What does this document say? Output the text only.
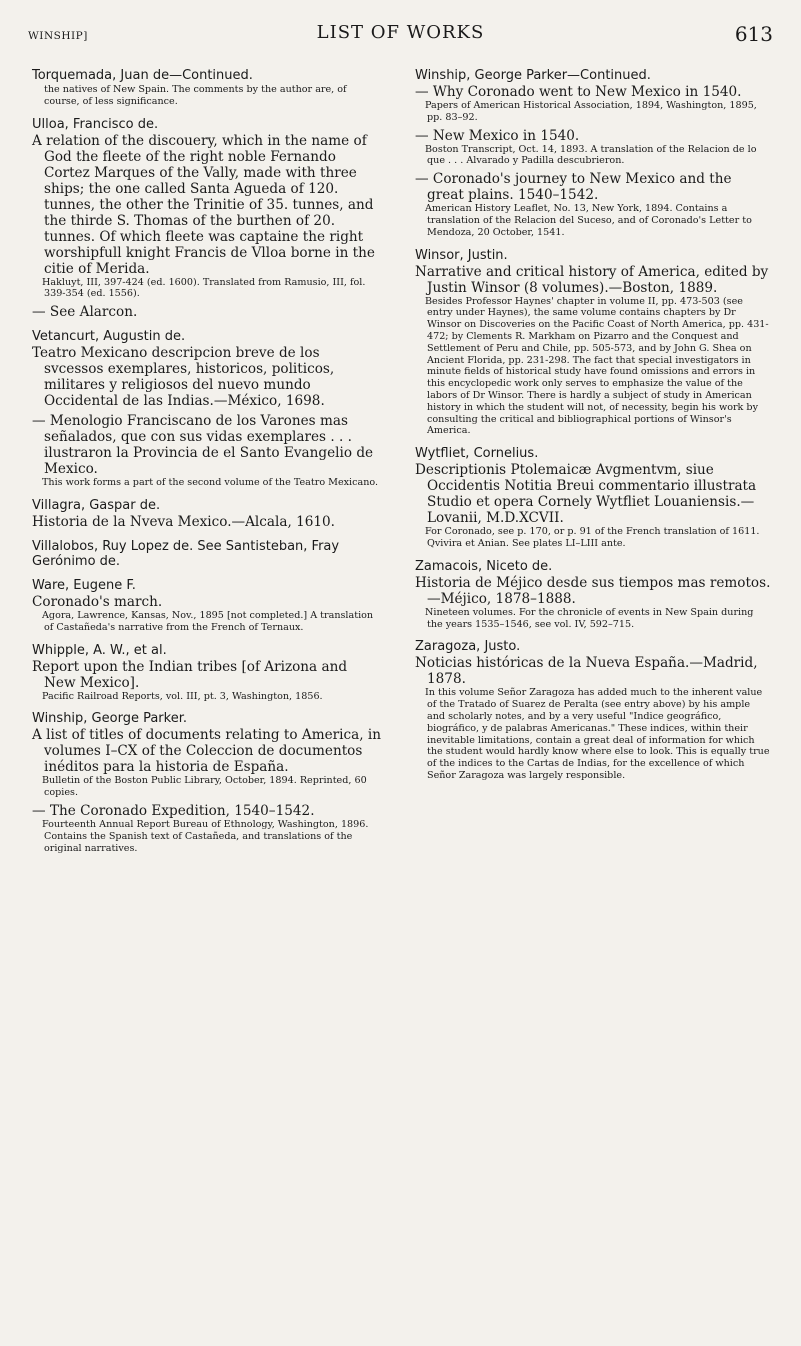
WINSHIP]	LIST OF WORKS	613
Torquemada, Juan de—Continued.
the natives of New Spain. The comments by the author are, of course, of less significance.
Ulloa, Francisco de.
A relation of the discouery, which in the name of God the fleete of the right noble Fernando Cortez Marques of the Vally, made with three ships; the one called Santa Agueda of 120. tunnes, the other the Trinitie of 35. tunnes, and the thirde S. Thomas of the burthen of 20. tunnes. Of which fleete was captaine the right worshipfull knight Francis de Vlloa borne in the citie of Merida.
Hakluyt, III, 397-424 (ed. 1600). Translated from Ramusio, III, fol. 339-354 (ed. 1556).
— See Alarcon.
Vetancurt, Augustin de.
Teatro Mexicano descripcion breve de los svcessos exemplares, historicos, politicos, militares y religiosos del nuevo mundo Occidental de las Indias.—México, 1698.
— Menologio Franciscano de los Varones mas señalados, que con sus vidas exemplares . . . ilustraron la Provincia de el Santo Evangelio de Mexico.
This work forms a part of the second volume of the Teatro Mexicano.
Villagra, Gaspar de.
Historia de la Nveva Mexico.—Alcala, 1610.
Villalobos, Ruy Lopez de. See Santisteban, Fray Gerónimo de.
Ware, Eugene F.
Coronado's march.
Agora, Lawrence, Kansas, Nov., 1895 [not completed.] A translation of Castañeda's narrative from the French of Ternaux.
Whipple, A. W., et al.
Report upon the Indian tribes [of Arizona and New Mexico].
Pacific Railroad Reports, vol. III, pt. 3, Washington, 1856.
Winship, George Parker.
A list of titles of documents relating to America, in volumes I–CX of the Coleccion de documentos inéditos para la historia de España.
Bulletin of the Boston Public Library, October, 1894. Reprinted, 60 copies.
— The Coronado Expedition, 1540–1542.
Fourteenth Annual Report Bureau of Ethnology, Washington, 1896. Contains the Spanish text of Castañeda, and translations of the original narratives.
Winship, George Parker—Continued.
— Why Coronado went to New Mexico in 1540.
Papers of American Historical Association, 1894, Washington, 1895, pp. 83–92.
— New Mexico in 1540.
Boston Transcript, Oct. 14, 1893. A translation of the Relacion de lo que . . . Alvarado y Padilla descubrieron.
— Coronado's journey to New Mexico and the great plains. 1540–1542.
American History Leaflet, No. 13, New York, 1894. Contains a translation of the Relacion del Suceso, and of Coronado's Letter to Mendoza, 20 October, 1541.
Winsor, Justin.
Narrative and critical history of America, edited by Justin Winsor (8 volumes).—Boston, 1889.
Besides Professor Haynes' chapter in volume II, pp. 473-503 (see entry under Haynes), the same volume contains chapters by Dr Winsor on Discoveries on the Pacific Coast of North America, pp. 431-472; by Clements R. Markham on Pizarro and the Conquest and Settlement of Peru and Chile, pp. 505-573, and by John G. Shea on Ancient Florida, pp. 231-298. The fact that special investigators in minute fields of historical study have found omissions and errors in this encyclopedic work only serves to emphasize the value of the labors of Dr Winsor. There is hardly a subject of study in American history in which the student will not, of necessity, begin his work by consulting the critical and bibliographical portions of Winsor's America.
Wytfliet, Cornelius.
Descriptionis Ptolemaicæ Avgmentvm, siue Occidentis Notitia Breui commentario illustrata Studio et opera Cornely Wytfliet Louaniensis.—Lovanii, M.D.XCVII.
For Coronado, see p. 170, or p. 91 of the French translation of 1611. Qvivira et Anian. See plates LI–LIII ante.
Zamacois, Niceto de.
Historia de Méjico desde sus tiempos mas remotos.—Méjico, 1878–1888.
Nineteen volumes. For the chronicle of events in New Spain during the years 1535–1546, see vol. IV, 592–715.
Zaragoza, Justo.
Noticias históricas de la Nueva España.—Madrid, 1878.
In this volume Señor Zaragoza has added much to the inherent value of the Tratado of Suarez de Peralta (see entry above) by his ample and scholarly notes, and by a very useful "Indice geográfico, biográfico, y de palabras Americanas." These indices, within their inevitable limitations, contain a great deal of information for which the student would hardly know where else to look. This is equally true of the indices to the Cartas de Indias, for the excellence of which Señor Zaragoza was largely responsible.
